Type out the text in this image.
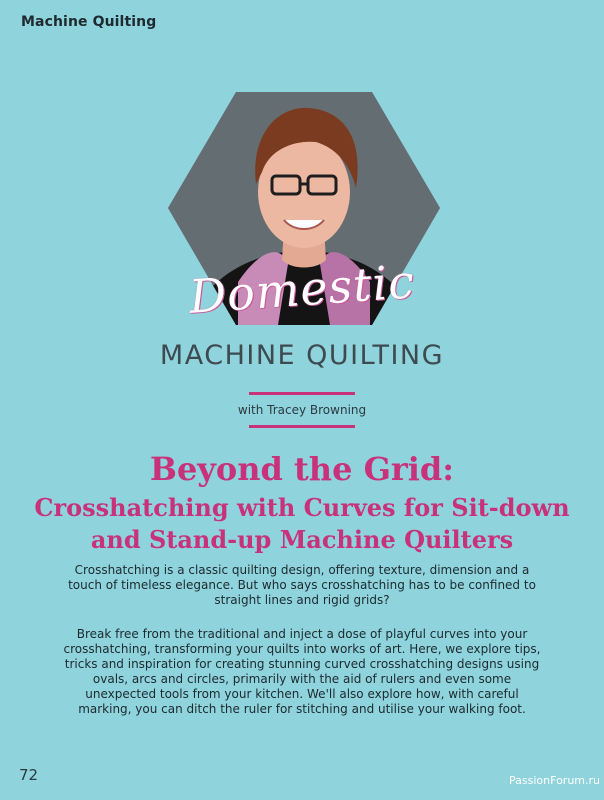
Machine Quilting
Domestic
MACHINE QUILTING
with Tracey Browning
Beyond the Grid:
Crosshatching with Curves for Sit-down and Stand-up Machine Quilters

Crosshatching is a classic quilting design, offering texture, dimension and a touch of timeless elegance. But who says crosshatching has to be confined to straight lines and rigid grids?

Break free from the traditional and inject a dose of playful curves into your crosshatching, transforming your quilts into works of art. Here, we explore tips, tricks and inspiration for creating stunning curved crosshatching designs using ovals, arcs and circles, primarily with the aid of rulers and even some unexpected tools from your kitchen. We'll also explore how, with careful marking, you can ditch the ruler for stitching and utilise your walking foot.

72	PassionForum.ru
